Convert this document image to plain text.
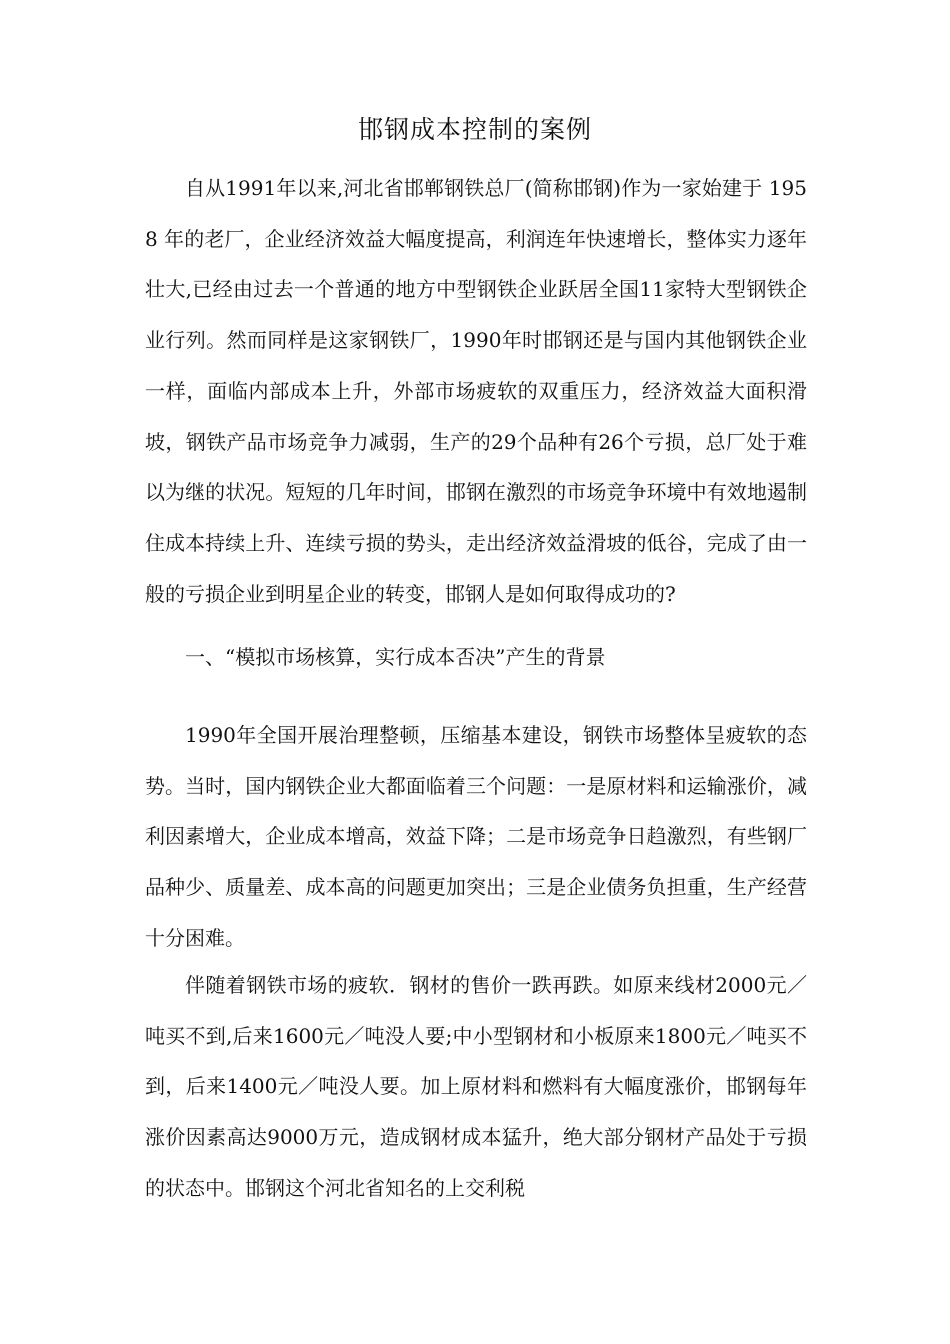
邯钢成本控制的案例

自从1991年以来,河北省邯郸钢铁总厂(简称邯钢)作为一家始建于 1958 年的老厂，企业经济效益大幅度提高，利润连年快速增长，整体实力逐年壮大,已经由过去一个普通的地方中型钢铁企业跃居全国11家特大型钢铁企业行列。然而同样是这家钢铁厂，1990年时邯钢还是与国内其他钢铁企业一样，面临内部成本上升，外部市场疲软的双重压力，经济效益大面积滑坡，钢铁产品市场竞争力减弱，生产的29个品种有26个亏损，总厂处于难以为继的状况。短短的几年时间，邯钢在激烈的市场竞争环境中有效地遏制住成本持续上升、连续亏损的势头，走出经济效益滑坡的低谷，完成了由一般的亏损企业到明星企业的转变，邯钢人是如何取得成功的?

一、“模拟市场核算，实行成本否决”产生的背景

1990年全国开展治理整顿，压缩基本建设，钢铁市场整体呈疲软的态势。当时，国内钢铁企业大都面临着三个问题：一是原材料和运输涨价，减利因素增大，企业成本增高，效益下降；二是市场竞争日趋激烈，有些钢厂品种少、质量差、成本高的问题更加突出；三是企业债务负担重，生产经营十分困难。

伴随着钢铁市场的疲软．钢材的售价一跌再跌。如原来线材2000元／吨买不到,后来1600元／吨没人要;中小型钢材和小板原来1800元／吨买不到，后来1400元／吨没人要。加上原材料和燃料有大幅度涨价，邯钢每年涨价因素高达9000万元，造成钢材成本猛升，绝大部分钢材产品处于亏损的状态中。邯钢这个河北省知名的上交利税
